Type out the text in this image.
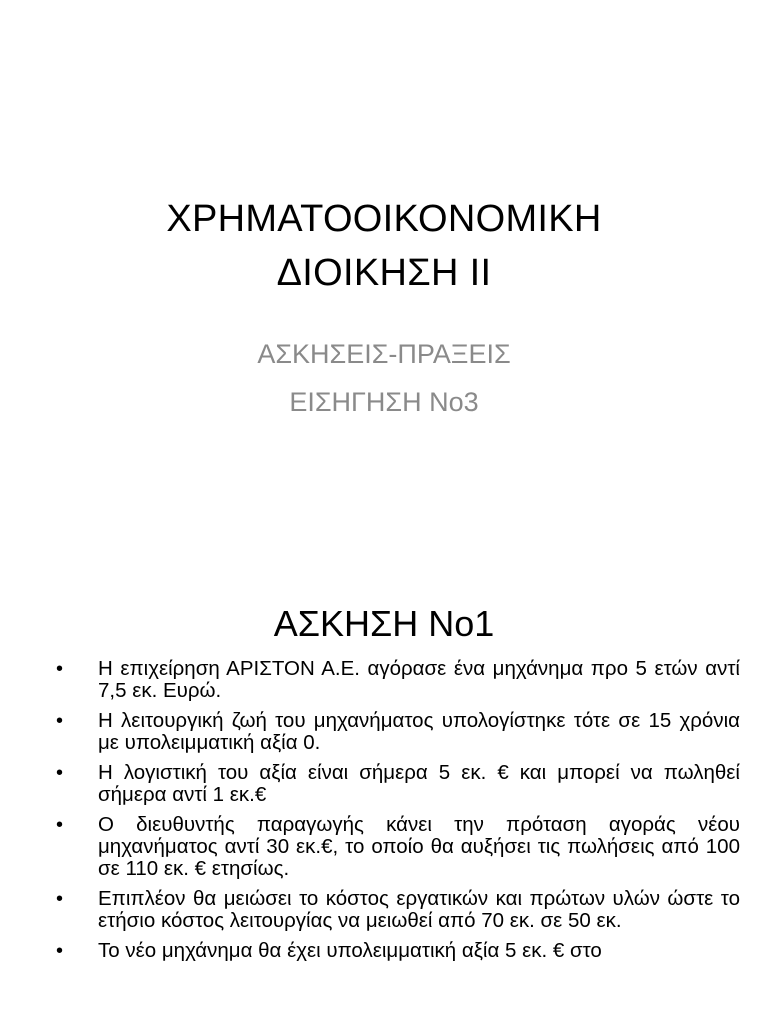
ΧΡΗΜΑΤΟΟΙΚΟΝΟΜΙΚΗ
ΔΙΟΙΚΗΣΗ ΙΙ
ΑΣΚΗΣΕΙΣ-ΠΡΑΞΕΙΣ
ΕΙΣΗΓΗΣΗ Νο3
ΑΣΚΗΣΗ Νο1
• Η επιχείρηση ΑΡΙΣΤΟΝ Α.Ε. αγόρασε ένα μηχάνημα προ 5 ετών αντί 7,5 εκ. Ευρώ.
• Η λειτουργική ζωή του μηχανήματος υπολογίστηκε τότε σε 15 χρόνια με υπολειμματική αξία 0.
• Η λογιστική του αξία είναι σήμερα 5 εκ. € και μπορεί να πωληθεί σήμερα αντί 1 εκ.€
• Ο διευθυντής παραγωγής κάνει την πρόταση αγοράς νέου μηχανήματος αντί 30 εκ.€, το οποίο θα αυξήσει τις πωλήσεις από 100 σε 110 εκ. € ετησίως.
• Επιπλέον θα μειώσει το κόστος εργατικών και πρώτων υλών ώστε το ετήσιο κόστος λειτουργίας να μειωθεί από 70 εκ. σε 50 εκ.
• Το νέο μηχάνημα θα έχει υπολειμματική αξία 5 εκ. € στο
